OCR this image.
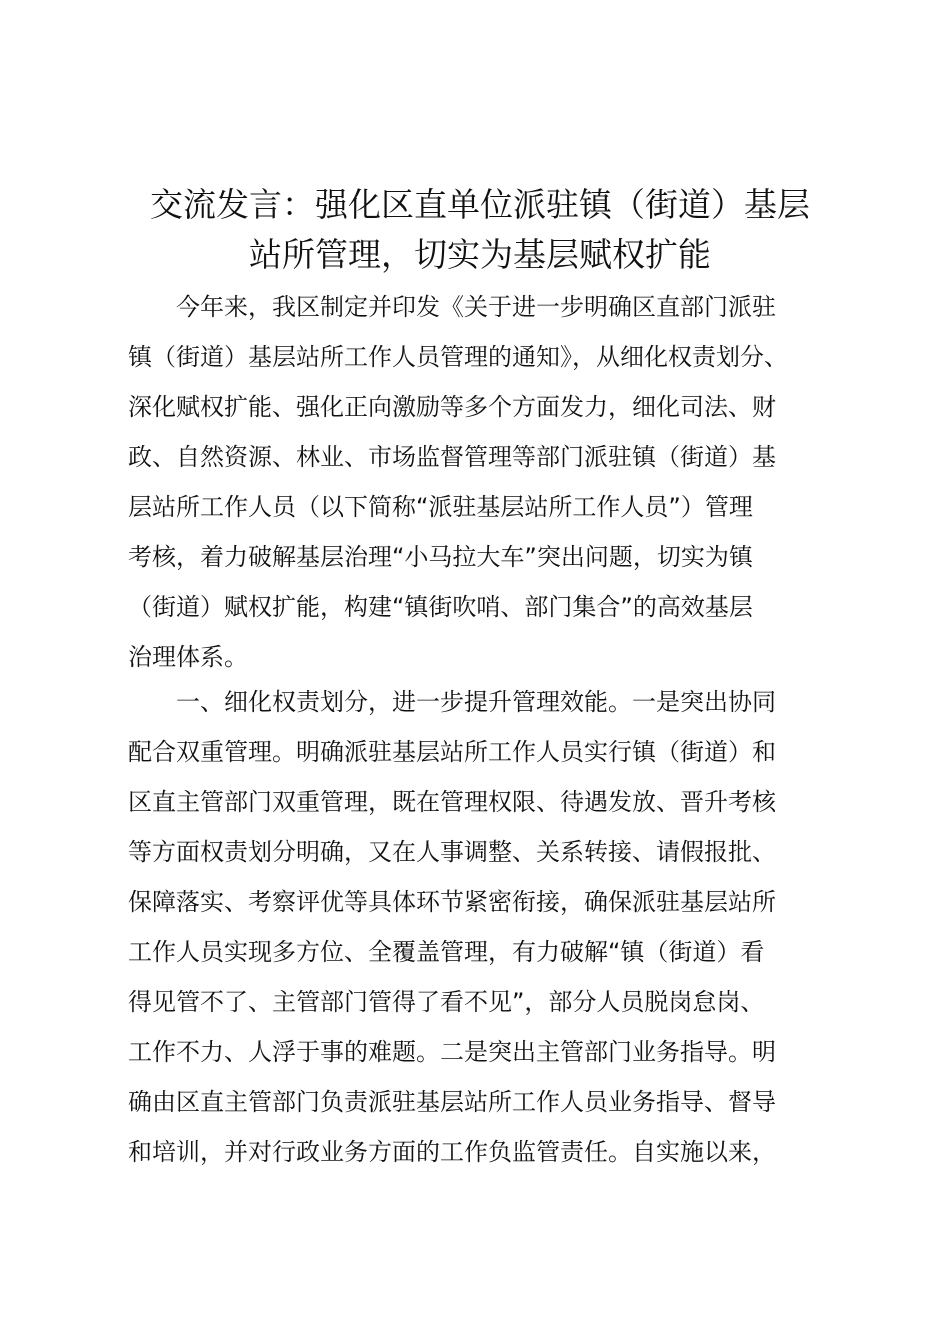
交流发言：强化区直单位派驻镇（街道）基层
站所管理，切实为基层赋权扩能

今年来，我区制定并印发《关于进一步明确区直部门派驻
镇（街道）基层站所工作人员管理的通知》，从细化权责划分、
深化赋权扩能、强化正向激励等多个方面发力，细化司法、财
政、自然资源、林业、市场监督管理等部门派驻镇（街道）基
层站所工作人员（以下简称“派驻基层站所工作人员”）管理
考核，着力破解基层治理“小马拉大车”突出问题，切实为镇
（街道）赋权扩能，构建“镇街吹哨、部门集合”的高效基层
治理体系。

一、细化权责划分，进一步提升管理效能。一是突出协同
配合双重管理。明确派驻基层站所工作人员实行镇（街道）和
区直主管部门双重管理，既在管理权限、待遇发放、晋升考核
等方面权责划分明确，又在人事调整、关系转接、请假报批、
保障落实、考察评优等具体环节紧密衔接，确保派驻基层站所
工作人员实现多方位、全覆盖管理，有力破解“镇（街道）看
得见管不了、主管部门管得了看不见”，部分人员脱岗怠岗、
工作不力、人浮于事的难题。二是突出主管部门业务指导。明
确由区直主管部门负责派驻基层站所工作人员业务指导、督导
和培训，并对行政业务方面的工作负监管责任。自实施以来，
